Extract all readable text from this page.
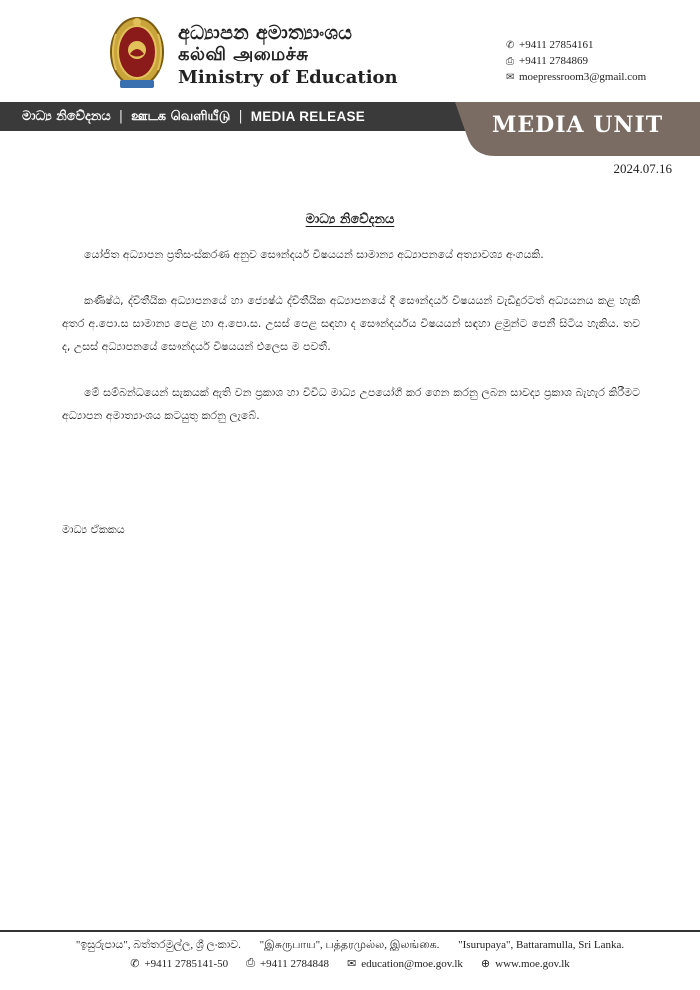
අධ්‍යාපන අමාත්‍යාංශය
கல்வி அமைச்சு
Ministry of Education
✆ +9411 27854161
⎙ +9411 2784869
✉ moepressroom3@gmail.com
මාධ්‍ය නිවේදනය | ஊடக வெளியீடு | MEDIA RELEASE	MEDIA UNIT
2024.07.16
මාධ්‍ය නිවේදනය

යෝජිත අධ්‍යාපන ප්‍රතිසංස්කරණ අනුව සෞන්දර්ය විෂයයන් සාමාන්‍ය අධ්‍යාපනයේ අත්‍යාවශ්‍ය අංගයකි.

කණිෂ්ඨ, ද්විතීයික අධ්‍යාපනයේ හා ජ්‍යෙෂ්ඨ ද්විතීයික අධ්‍යාපනයේ දී සෞන්දර්ය විෂයයන් වැඩිදුරටත් අධ්‍යයනය කළ හැකි අතර අ.පො.ස සාමාන්‍ය පෙළ හා අ.පො.ස. උසස් පෙළ සඳහා ද සෞන්දර්යය විෂයයන් සඳහා ළමුන්ට පෙනී සිටිය හැකිය. තව ද, උසස් අධ්‍යාපනයේ සෞන්දර්ය විෂයයන් එලෙස ම පවතී.

මේ සම්බන්ධයෙන් සැකයක් ඇති වන ප්‍රකාශ හා විවිධ මාධ්‍ය උපයෝගී කර ගෙන කරනු ලබන සාවද්‍ය ප්‍රකාශ බැහැර කිරීමට අධ්‍යාපන අමාත්‍යාංශය කටයුතු කරනු ලැබේ.

මාධ්‍ය ඒකකය
"ඉසුරුපාය", බත්තරමුල්ල, ශ්‍රී ලංකාව. "இசுருபாய", பத்தரமுல்ல, இலங்கை. "Isurupaya", Battaramulla, Sri Lanka.
✆ +9411 2785141-50 ⎙ +9411 2784848 ✉ education@moe.gov.lk ⊕ www.moe.gov.lk
